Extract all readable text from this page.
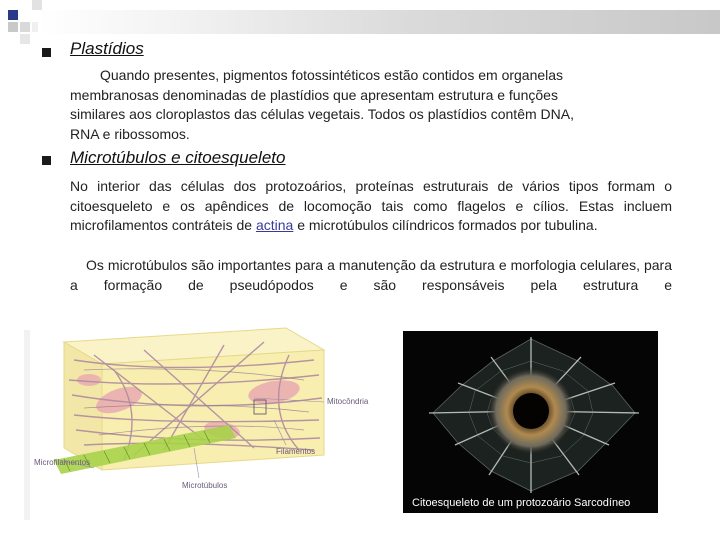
Plastídios
Quando presentes, pigmentos fotossintéticos estão contidos em organelas
membranosas denominadas de plastídios que apresentam estrutura e funções
similares aos cloroplastos das células vegetais. Todos os plastídios contêm DNA,
RNA e ribossomos.
Microtúbulos e citoesqueleto
No interior das células dos protozoários, proteínas estruturais de vários tipos formam o citoesqueleto e os apêndices de locomoção tais como flagelos e cílios. Estas incluem microfilamentos contráteis de actina e microtúbulos cilíndricos formados por tubulina.
Os microtúbulos são importantes para a manutenção da estrutura e morfologia celulares, para a formação de pseudópodos e são responsáveis pela estrutura e
Mitocôndria
Filamentos
Microfilamentos
Microtúbulos
Citoesqueleto de um protozoário Sarcodíneo
